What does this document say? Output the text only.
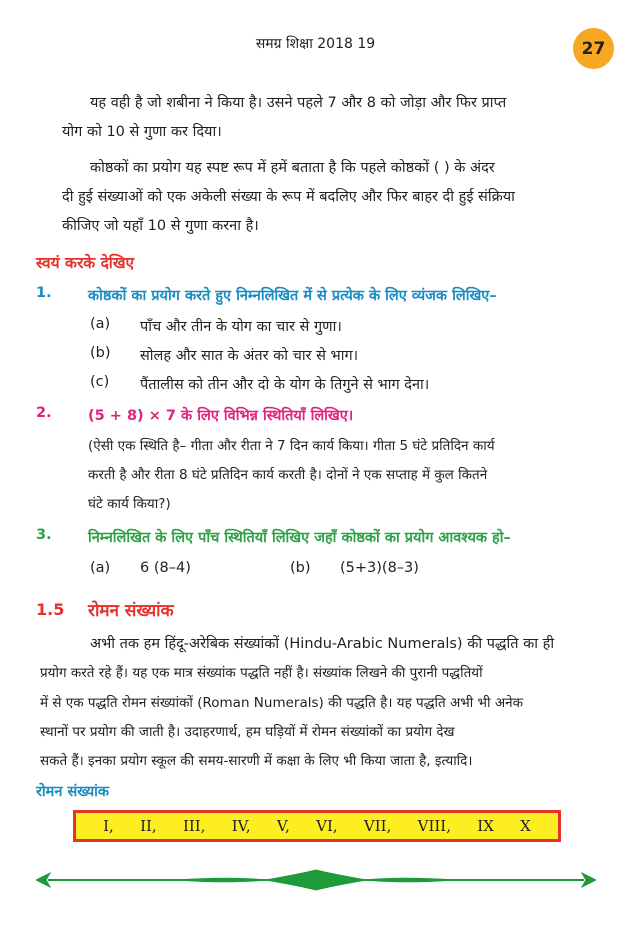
समग्र शिक्षा 2018 19	27
यह वही है जो शबीना ने किया है। उसने पहले 7 और 8 को जोड़ा और फिर प्राप्त
योग को 10 से गुणा कर दिया।
कोष्ठकों का प्रयोग यह स्पष्ट रूप में हमें बताता है कि पहले कोष्ठकों ( ) के अंदर
दी हुई संख्याओं को एक अकेली संख्या के रूप में बदलिए और फिर बाहर दी हुई संक्रिया
कीजिए जो यहाँ 10 से गुणा करना है।
स्वयं करके देखिए
1.	कोष्ठकों का प्रयोग करते हुए निम्नलिखित में से प्रत्येक के लिए व्यंजक लिखिए–
(a) पाँच और तीन के योग का चार से गुणा।
(b) सोलह और सात के अंतर को चार से भाग।
(c) पैंतालीस को तीन और दो के योग के तिगुने से भाग देना।
2.	(5 + 8) × 7 के लिए विभिन्न स्थितियाँ लिखिए।
(ऐसी एक स्थिति है– गीता और रीता ने 7 दिन कार्य किया। गीता 5 घंटे प्रतिदिन कार्य
करती है और रीता 8 घंटे प्रतिदिन कार्य करती है। दोनों ने एक सप्ताह में कुल कितने
घंटे कार्य किया?)
3.	निम्नलिखित के लिए पाँच स्थितियाँ लिखिए जहाँ कोष्ठकों का प्रयोग आवश्यक हो–
(a) 6 (8–4)	(b) (5+3)(8–3)
1.5 रोमन संख्यांक
अभी तक हम हिंदू-अरेबिक संख्यांकों (Hindu-Arabic Numerals) की पद्धति का ही
प्रयोग करते रहे हैं। यह एक मात्र संख्यांक पद्धति नहीं है। संख्यांक लिखने की पुरानी पद्धतियों
में से एक पद्धति रोमन संख्यांकों (Roman Numerals) की पद्धति है। यह पद्धति अभी भी अनेक
स्थानों पर प्रयोग की जाती है। उदाहरणार्थ, हम घड़ियों में रोमन संख्यांकों का प्रयोग देख
सकते हैं। इनका प्रयोग स्कूल की समय-सारणी में कक्षा के लिए भी किया जाता है, इत्यादि।
रोमन संख्यांक
I, II, III, IV, V, VI, VII, VIII, IX X
